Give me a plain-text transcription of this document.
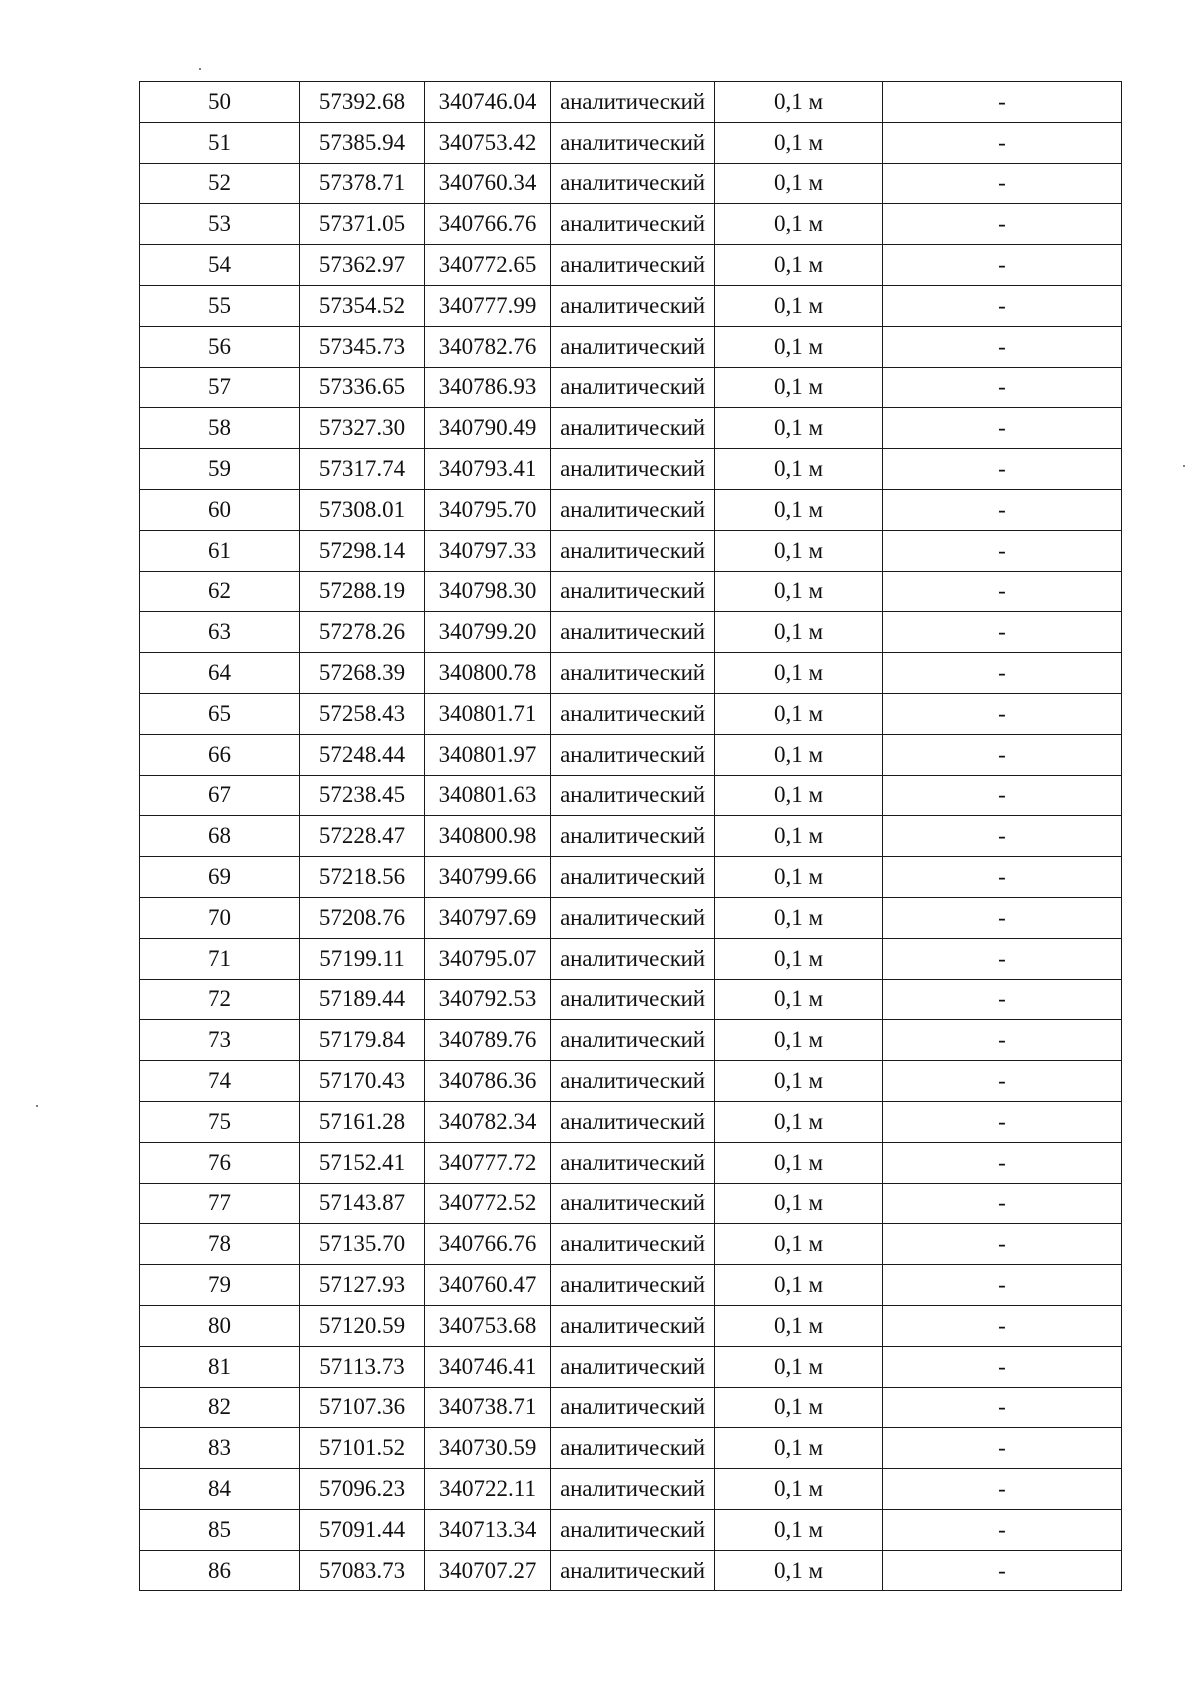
50	57392.68	340746.04	аналитический	0,1 м	-
51	57385.94	340753.42	аналитический	0,1 м	-
52	57378.71	340760.34	аналитический	0,1 м	-
53	57371.05	340766.76	аналитический	0,1 м	-
54	57362.97	340772.65	аналитический	0,1 м	-
55	57354.52	340777.99	аналитический	0,1 м	-
56	57345.73	340782.76	аналитический	0,1 м	-
57	57336.65	340786.93	аналитический	0,1 м	-
58	57327.30	340790.49	аналитический	0,1 м	-
59	57317.74	340793.41	аналитический	0,1 м	-
60	57308.01	340795.70	аналитический	0,1 м	-
61	57298.14	340797.33	аналитический	0,1 м	-
62	57288.19	340798.30	аналитический	0,1 м	-
63	57278.26	340799.20	аналитический	0,1 м	-
64	57268.39	340800.78	аналитический	0,1 м	-
65	57258.43	340801.71	аналитический	0,1 м	-
66	57248.44	340801.97	аналитический	0,1 м	-
67	57238.45	340801.63	аналитический	0,1 м	-
68	57228.47	340800.98	аналитический	0,1 м	-
69	57218.56	340799.66	аналитический	0,1 м	-
70	57208.76	340797.69	аналитический	0,1 м	-
71	57199.11	340795.07	аналитический	0,1 м	-
72	57189.44	340792.53	аналитический	0,1 м	-
73	57179.84	340789.76	аналитический	0,1 м	-
74	57170.43	340786.36	аналитический	0,1 м	-
75	57161.28	340782.34	аналитический	0,1 м	-
76	57152.41	340777.72	аналитический	0,1 м	-
77	57143.87	340772.52	аналитический	0,1 м	-
78	57135.70	340766.76	аналитический	0,1 м	-
79	57127.93	340760.47	аналитический	0,1 м	-
80	57120.59	340753.68	аналитический	0,1 м	-
81	57113.73	340746.41	аналитический	0,1 м	-
82	57107.36	340738.71	аналитический	0,1 м	-
83	57101.52	340730.59	аналитический	0,1 м	-
84	57096.23	340722.11	аналитический	0,1 м	-
85	57091.44	340713.34	аналитический	0,1 м	-
86	57083.73	340707.27	аналитический	0,1 м	-
